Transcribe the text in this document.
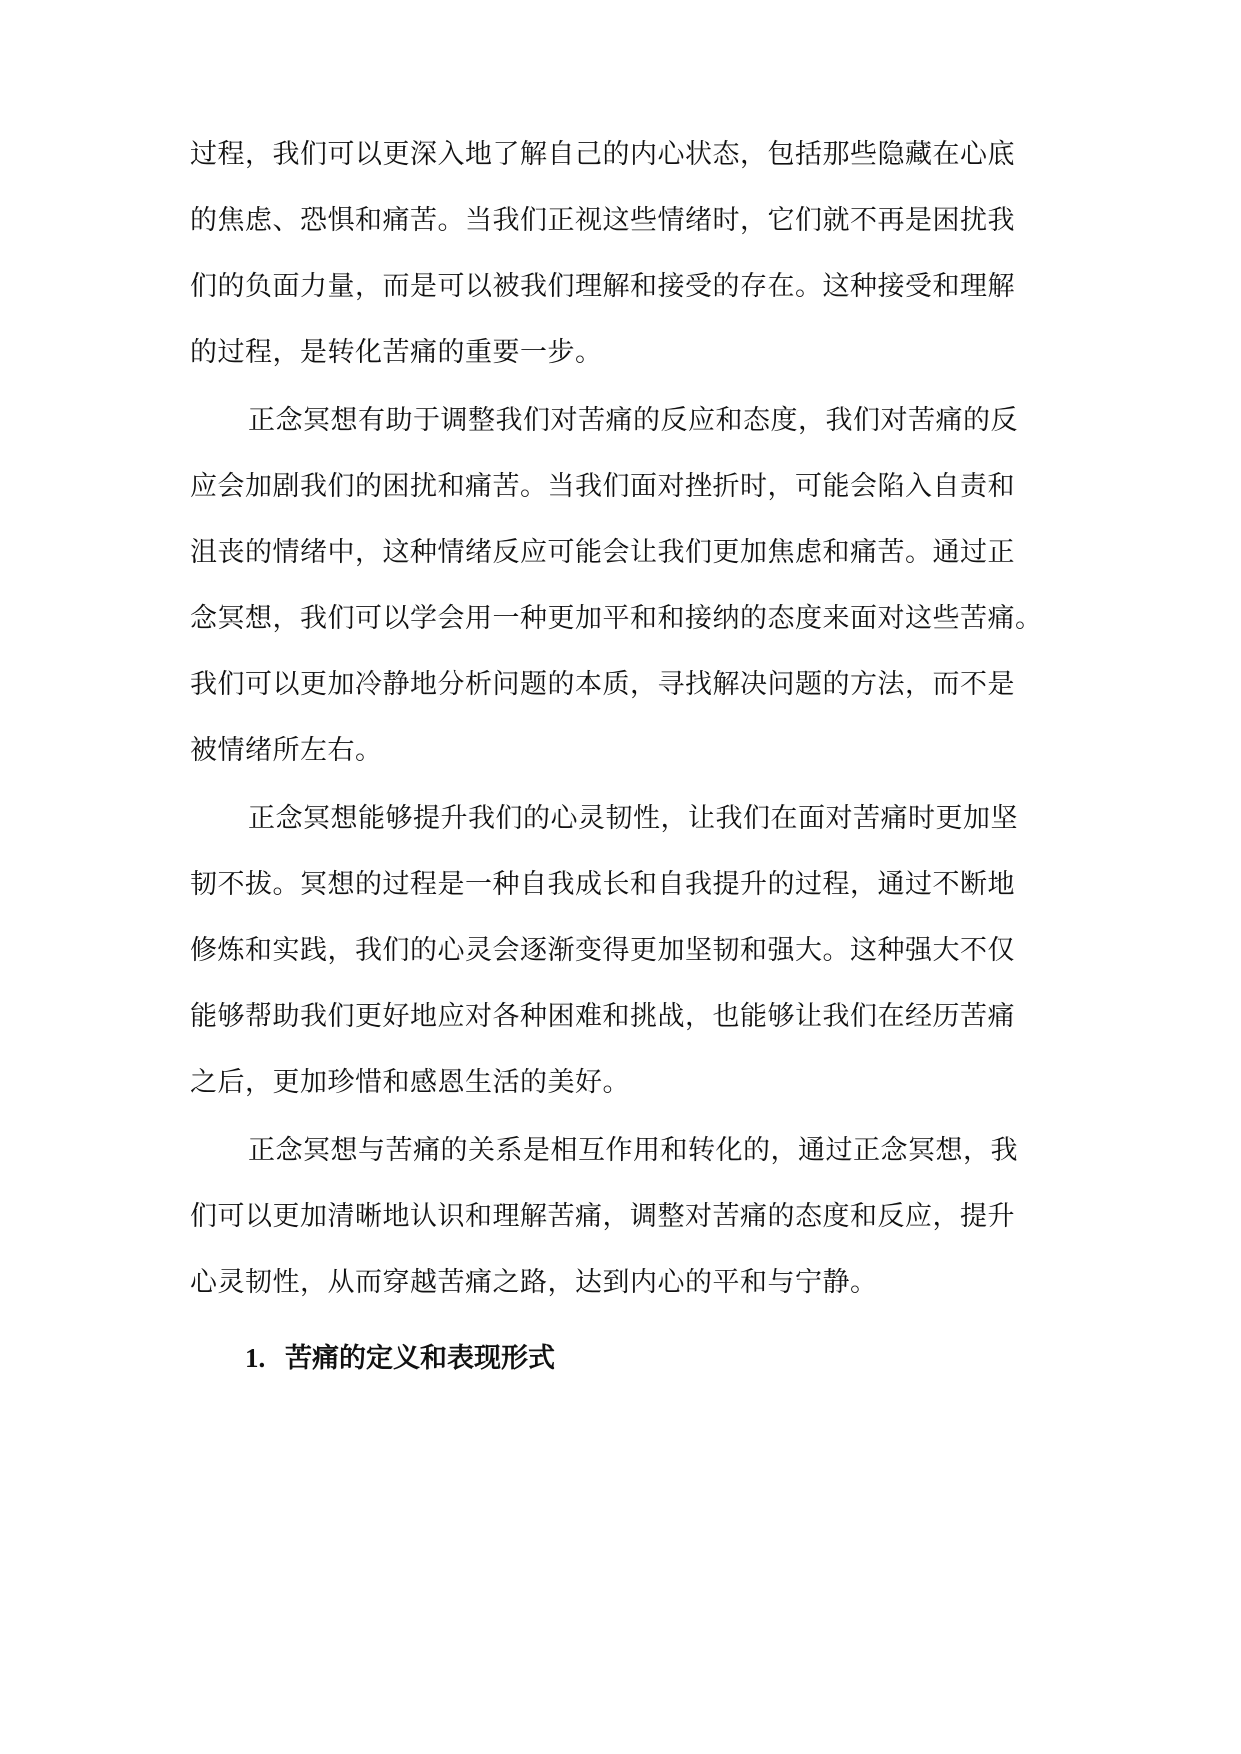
过程，我们可以更深入地了解自己的内心状态，包括那些隐藏在心底
的焦虑、恐惧和痛苦。当我们正视这些情绪时，它们就不再是困扰我
们的负面力量，而是可以被我们理解和接受的存在。这种接受和理解
的过程，是转化苦痛的重要一步。
正念冥想有助于调整我们对苦痛的反应和态度，我们对苦痛的反
应会加剧我们的困扰和痛苦。当我们面对挫折时，可能会陷入自责和
沮丧的情绪中，这种情绪反应可能会让我们更加焦虑和痛苦。通过正
念冥想，我们可以学会用一种更加平和和接纳的态度来面对这些苦痛。
我们可以更加冷静地分析问题的本质，寻找解决问题的方法，而不是
被情绪所左右。
正念冥想能够提升我们的心灵韧性，让我们在面对苦痛时更加坚
韧不拔。冥想的过程是一种自我成长和自我提升的过程，通过不断地
修炼和实践，我们的心灵会逐渐变得更加坚韧和强大。这种强大不仅
能够帮助我们更好地应对各种困难和挑战，也能够让我们在经历苦痛
之后，更加珍惜和感恩生活的美好。
正念冥想与苦痛的关系是相互作用和转化的，通过正念冥想，我
们可以更加清晰地认识和理解苦痛，调整对苦痛的态度和反应，提升
心灵韧性，从而穿越苦痛之路，达到内心的平和与宁静。
1. 苦痛的定义和表现形式
